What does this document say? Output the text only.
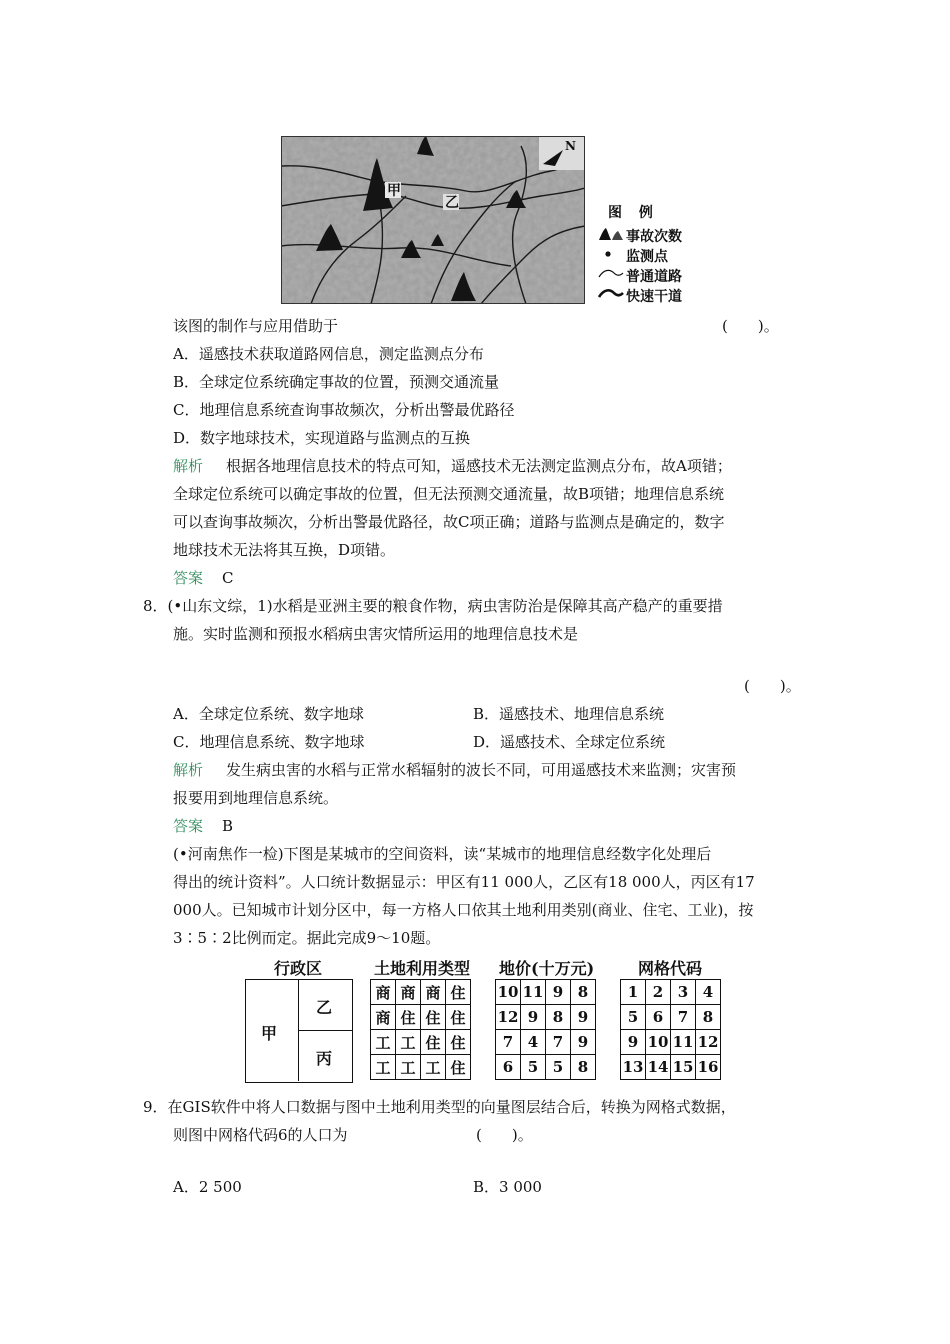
甲
乙
N
图 例
事故次数
监测点
普通道路
快速干道
该图的制作与应用借助于	(　　)。
A．遥感技术获取道路网信息，测定监测点分布
B．全球定位系统确定事故的位置，预测交通流量
C．地理信息系统查询事故频次，分析出警最优路径
D．数字地球技术，实现道路与监测点的互换
解析 根据各地理信息技术的特点可知，遥感技术无法测定监测点分布，故A项错；
全球定位系统可以确定事故的位置，但无法预测交通流量，故B项错；地理信息系统
可以查询事故频次，分析出警最优路径，故C项正确；道路与监测点是确定的，数字
地球技术无法将其互换，D项错。
答案 C
8．(•山东文综，1)水稻是亚洲主要的粮食作物，病虫害防治是保障其高产稳产的重要措
施。实时监测和预报水稻病虫害灾情所运用的地理信息技术是
(　　)。
A．全球定位系统、数字地球	B．遥感技术、地理信息系统
C．地理信息系统、数字地球	D．遥感技术、全球定位系统
解析 发生病虫害的水稻与正常水稻辐射的波长不同，可用遥感技术来监测；灾害预
报要用到地理信息系统。
答案 B
(•河南焦作一检)下图是某城市的空间资料，读“某城市的地理信息经数字化处理后
得出的统计资料”。人口统计数据显示：甲区有11 000人，乙区有18 000人，丙区有17
000人。已知城市计划分区中，每一方格人口依其土地利用类别(商业、住宅、工业)，按
3∶5∶2比例而定。据此完成9～10题。
行政区	土地利用类型 地价(十万元)	网格代码
甲
乙
丙
商	商	商	住
商	住	住	住
工	工	住	住
工	工	工	住
10	11	9	8
12	9	8	9
7	4	7	9
6	5	5	8
1	2	3	4
5	6	7	8
9	10	11	12
13	14	15	16
9．在GIS软件中将人口数据与图中土地利用类型的向量图层结合后，转换为网格式数据，
则图中网格代码6的人口为	(　　)。
A．2 500	B．3 000
